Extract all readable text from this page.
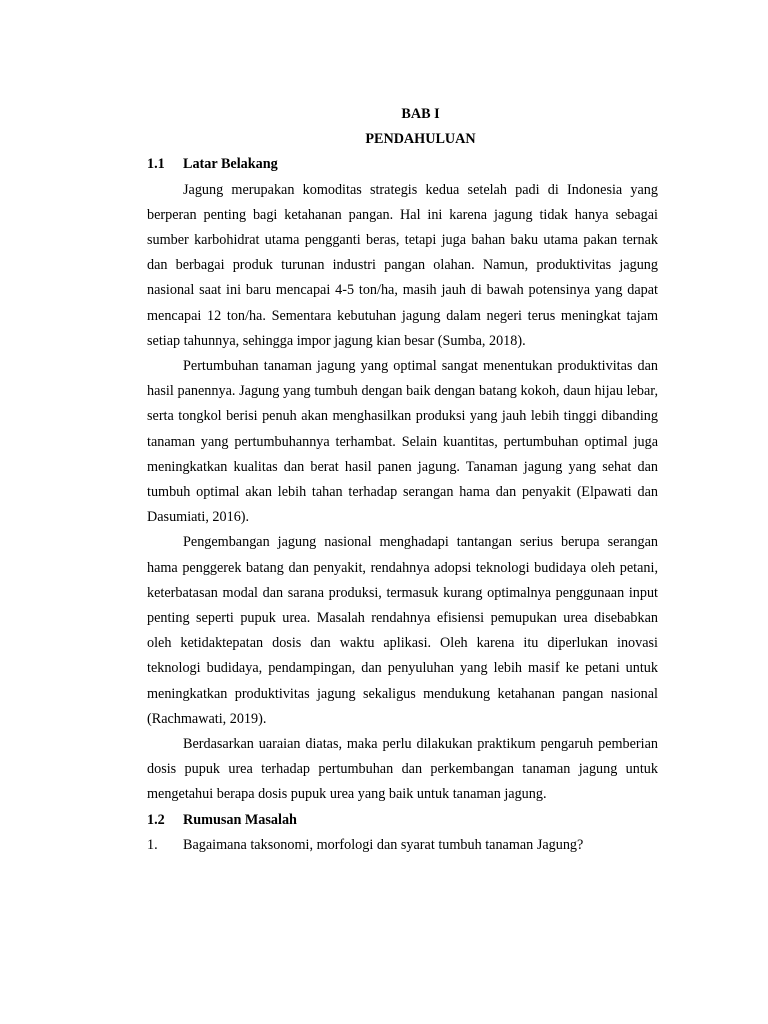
BAB I

PENDAHULUAN

1.1	Latar Belakang

Jagung merupakan komoditas strategis kedua setelah padi di Indonesia yang berperan penting bagi ketahanan pangan. Hal ini karena jagung tidak hanya sebagai sumber karbohidrat utama pengganti beras, tetapi juga bahan baku utama pakan ternak dan berbagai produk turunan industri pangan olahan. Namun, produktivitas jagung nasional saat ini baru mencapai 4-5 ton/ha, masih jauh di bawah potensinya yang dapat mencapai 12 ton/ha. Sementara kebutuhan jagung dalam negeri terus meningkat tajam setiap tahunnya, sehingga impor jagung kian besar (Sumba, 2018).

Pertumbuhan tanaman jagung yang optimal sangat menentukan produktivitas dan hasil panennya. Jagung yang tumbuh dengan baik dengan batang kokoh, daun hijau lebar, serta tongkol berisi penuh akan menghasilkan produksi yang jauh lebih tinggi dibanding tanaman yang pertumbuhannya terhambat. Selain kuantitas, pertumbuhan optimal juga meningkatkan kualitas dan berat hasil panen jagung. Tanaman jagung yang sehat dan tumbuh optimal akan lebih tahan terhadap serangan hama dan penyakit (Elpawati dan Dasumiati, 2016).

Pengembangan jagung nasional menghadapi tantangan serius berupa serangan hama penggerek batang dan penyakit, rendahnya adopsi teknologi budidaya oleh petani, keterbatasan modal dan sarana produksi, termasuk kurang optimalnya penggunaan input penting seperti pupuk urea. Masalah rendahnya efisiensi pemupukan urea disebabkan oleh ketidaktepatan dosis dan waktu aplikasi. Oleh karena itu diperlukan inovasi teknologi budidaya, pendampingan, dan penyuluhan yang lebih masif ke petani untuk meningkatkan produktivitas jagung sekaligus mendukung ketahanan pangan nasional (Rachmawati, 2019).

Berdasarkan uaraian diatas, maka perlu dilakukan praktikum pengaruh pemberian dosis pupuk urea terhadap pertumbuhan dan perkembangan tanaman jagung untuk mengetahui berapa dosis pupuk urea yang baik untuk tanaman jagung.

1.2	Rumusan Masalah

1.	Bagaimana taksonomi, morfologi dan syarat tumbuh tanaman Jagung?
